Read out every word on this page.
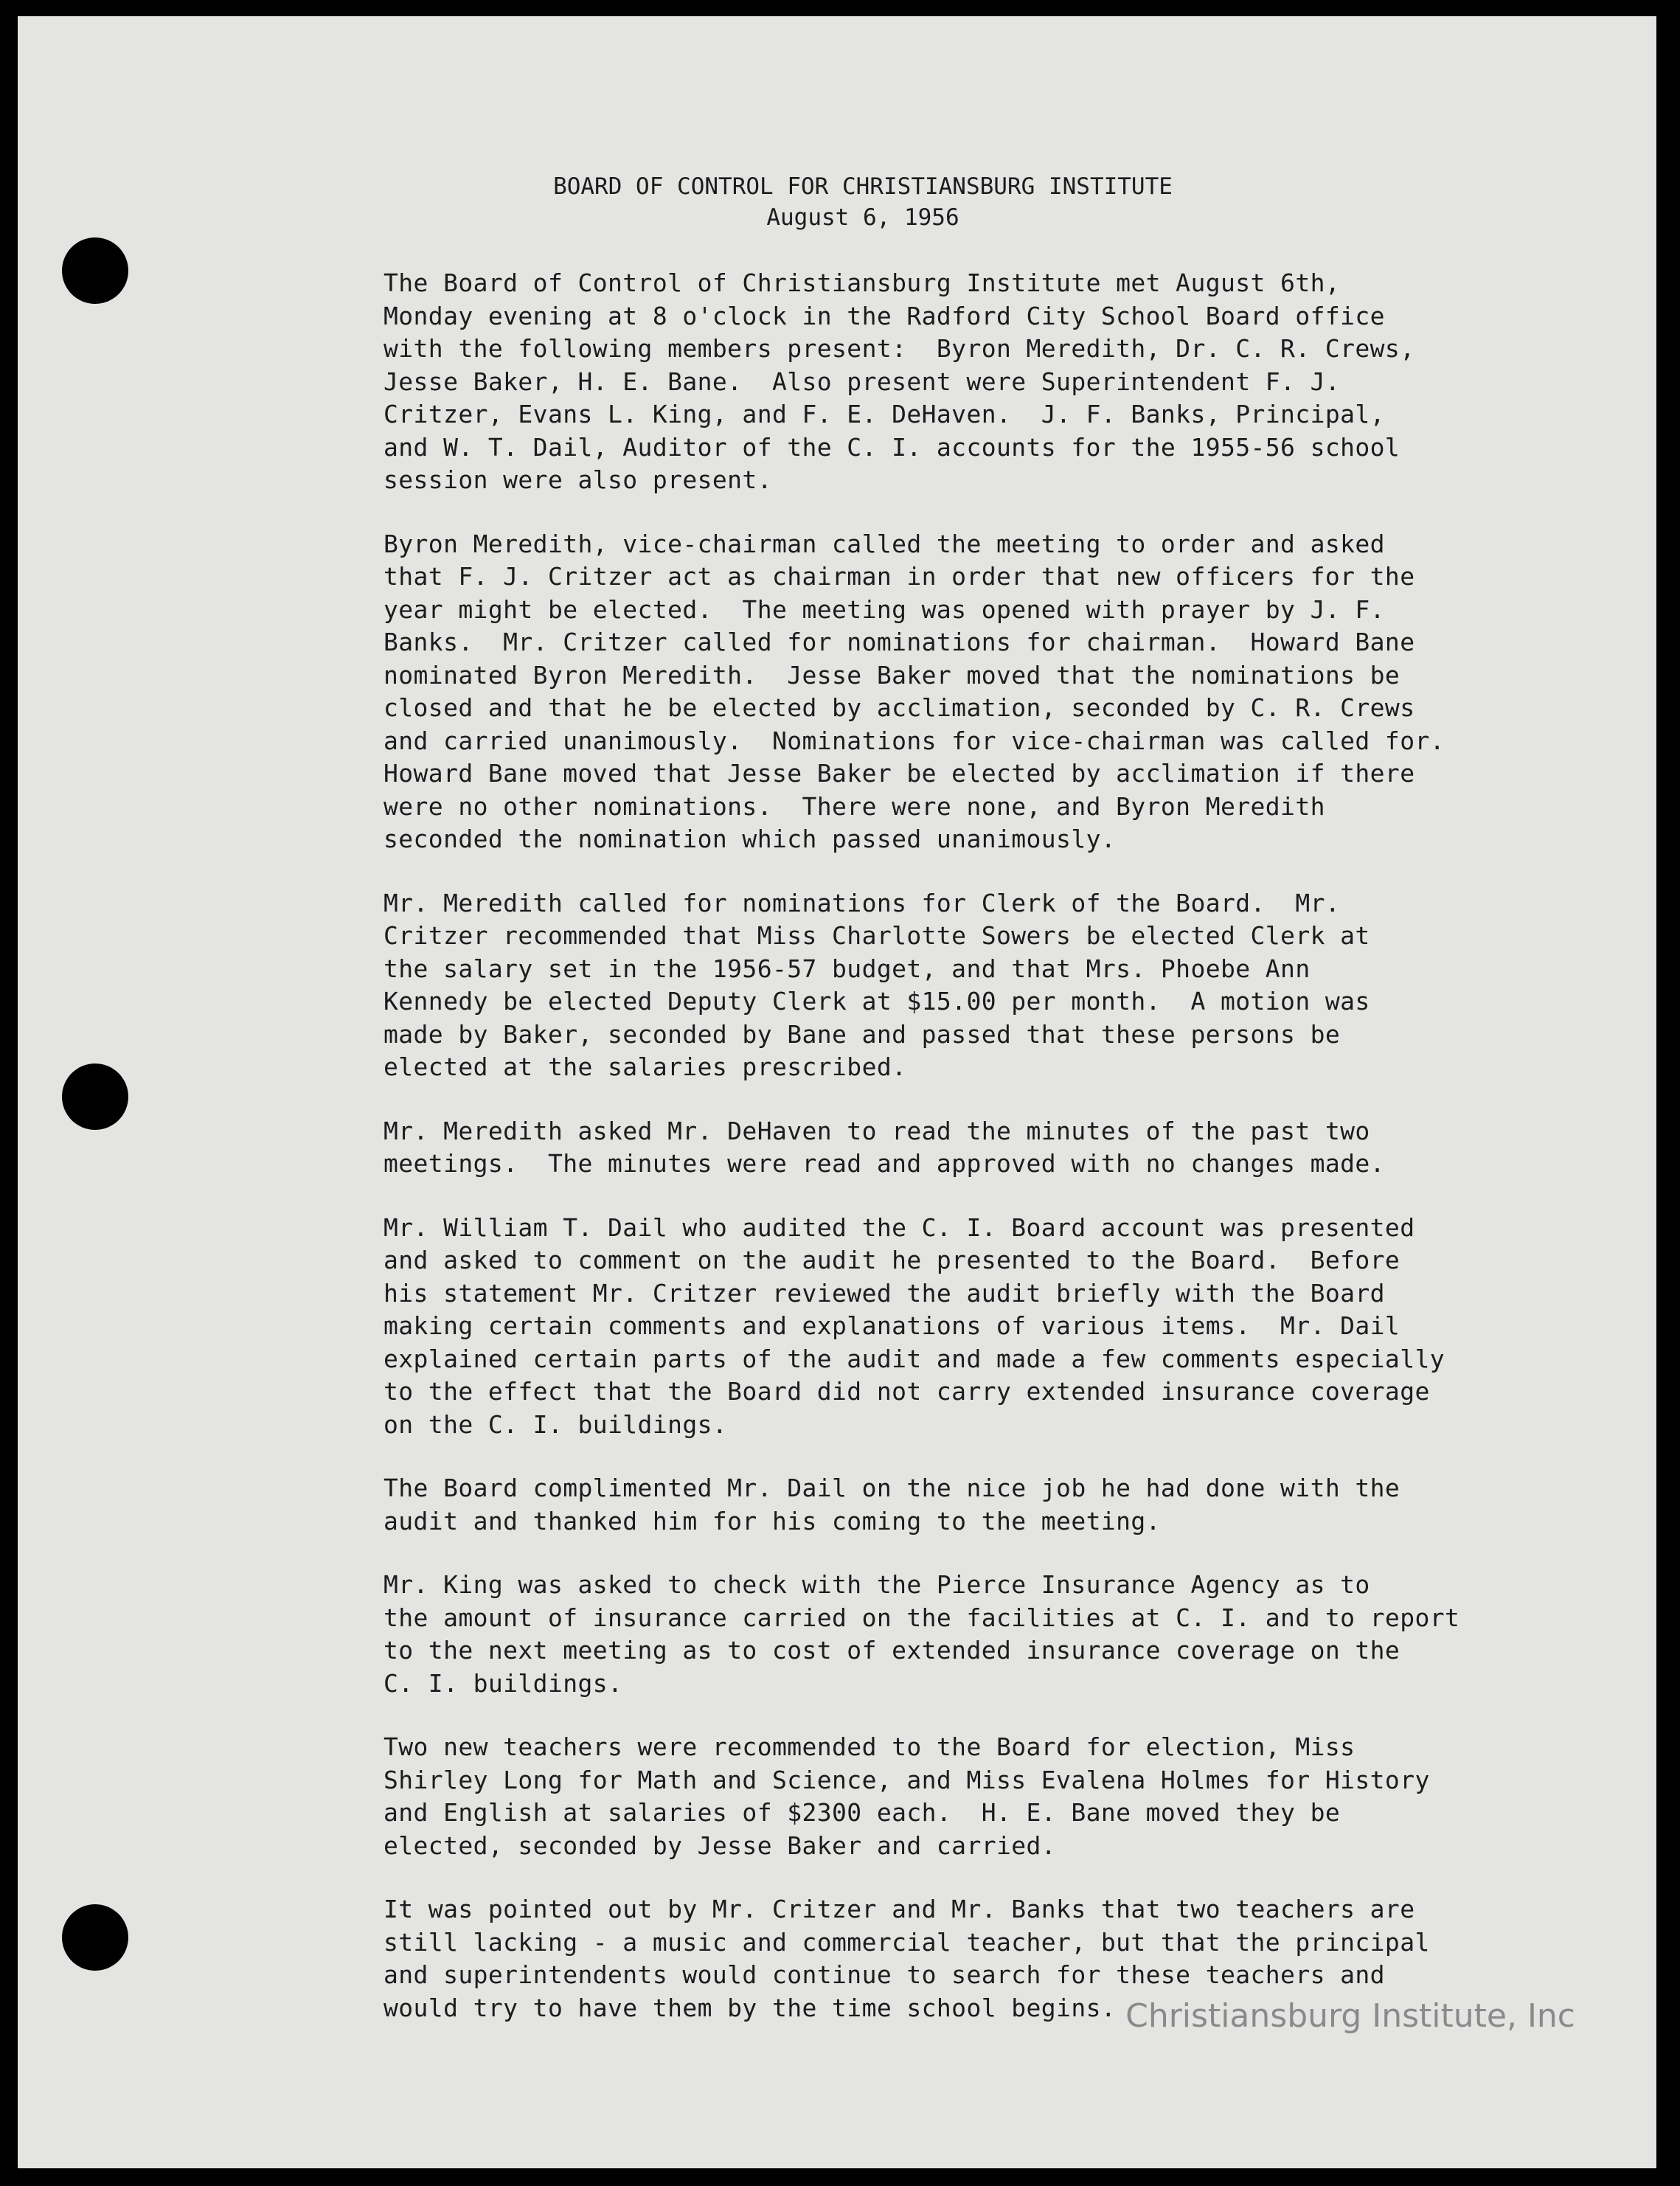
BOARD OF CONTROL FOR CHRISTIANSBURG INSTITUTE
August 6, 1956

The Board of Control of Christiansburg Institute met August 6th,
Monday evening at 8 o'clock in the Radford City School Board office
with the following members present:  Byron Meredith, Dr. C. R. Crews,
Jesse Baker, H. E. Bane.  Also present were Superintendent F. J.
Critzer, Evans L. King, and F. E. DeHaven.  J. F. Banks, Principal,
and W. T. Dail, Auditor of the C. I. accounts for the 1955-56 school
session were also present.

Byron Meredith, vice-chairman called the meeting to order and asked
that F. J. Critzer act as chairman in order that new officers for the
year might be elected.  The meeting was opened with prayer by J. F.
Banks.  Mr. Critzer called for nominations for chairman.  Howard Bane
nominated Byron Meredith.  Jesse Baker moved that the nominations be
closed and that he be elected by acclimation, seconded by C. R. Crews
and carried unanimously.  Nominations for vice-chairman was called for.
Howard Bane moved that Jesse Baker be elected by acclimation if there
were no other nominations.  There were none, and Byron Meredith
seconded the nomination which passed unanimously.

Mr. Meredith called for nominations for Clerk of the Board.  Mr.
Critzer recommended that Miss Charlotte Sowers be elected Clerk at
the salary set in the 1956-57 budget, and that Mrs. Phoebe Ann
Kennedy be elected Deputy Clerk at $15.00 per month.  A motion was
made by Baker, seconded by Bane and passed that these persons be
elected at the salaries prescribed.

Mr. Meredith asked Mr. DeHaven to read the minutes of the past two
meetings.  The minutes were read and approved with no changes made.

Mr. William T. Dail who audited the C. I. Board account was presented
and asked to comment on the audit he presented to the Board.  Before
his statement Mr. Critzer reviewed the audit briefly with the Board
making certain comments and explanations of various items.  Mr. Dail
explained certain parts of the audit and made a few comments especially
to the effect that the Board did not carry extended insurance coverage
on the C. I. buildings.

The Board complimented Mr. Dail on the nice job he had done with the
audit and thanked him for his coming to the meeting.

Mr. King was asked to check with the Pierce Insurance Agency as to
the amount of insurance carried on the facilities at C. I. and to report
to the next meeting as to cost of extended insurance coverage on the
C. I. buildings.

Two new teachers were recommended to the Board for election, Miss
Shirley Long for Math and Science, and Miss Evalena Holmes for History
and English at salaries of $2300 each.  H. E. Bane moved they be
elected, seconded by Jesse Baker and carried.

It was pointed out by Mr. Critzer and Mr. Banks that two teachers are
still lacking - a music and commercial teacher, but that the principal
and superintendents would continue to search for these teachers and
would try to have them by the time school begins. Christiansburg Institute, Inc
